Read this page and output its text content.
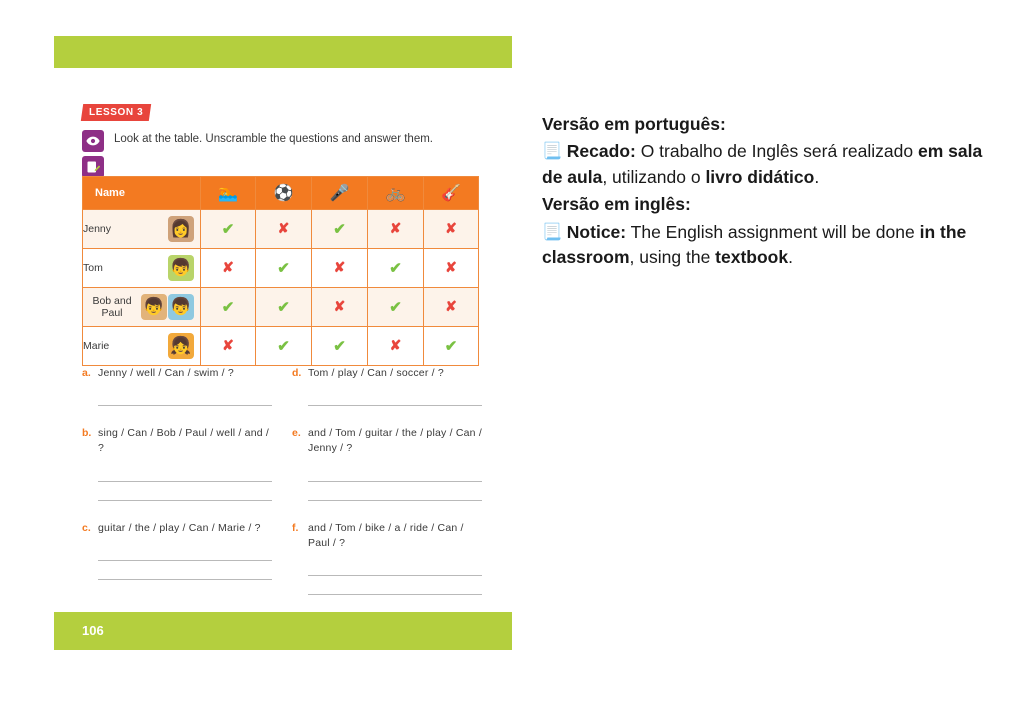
LESSON 3
Look at the table. Unscramble the questions and answer them.
Name	🏊	⚽	🎤	🚲	🎸

Jenny 👩	✔	✘	✔	✘	✘

Tom 👦	✘	✔	✘	✔	✘

Bob and Paul 👦 👦	✔	✔	✘	✔	✘

Marie 👧	✘	✔	✔	✘	✔
a. Jenny / well / Can / swim / ?	d. Tom / play / Can / soccer / ?
b. sing / Can / Bob / Paul / well / and / ?
e. and / Tom / guitar / the / play / Can / Jenny / ?
c. guitar / the / play / Can / Marie / ?	f. and / Tom / bike / a / ride / Can / Paul / ?
106

Versão em português:

📃 Recado: O trabalho de Inglês será realizado em sala de aula, utilizando o livro didático.

Versão em inglês:

📃 Notice: The English assignment will be done in the classroom, using the textbook.
